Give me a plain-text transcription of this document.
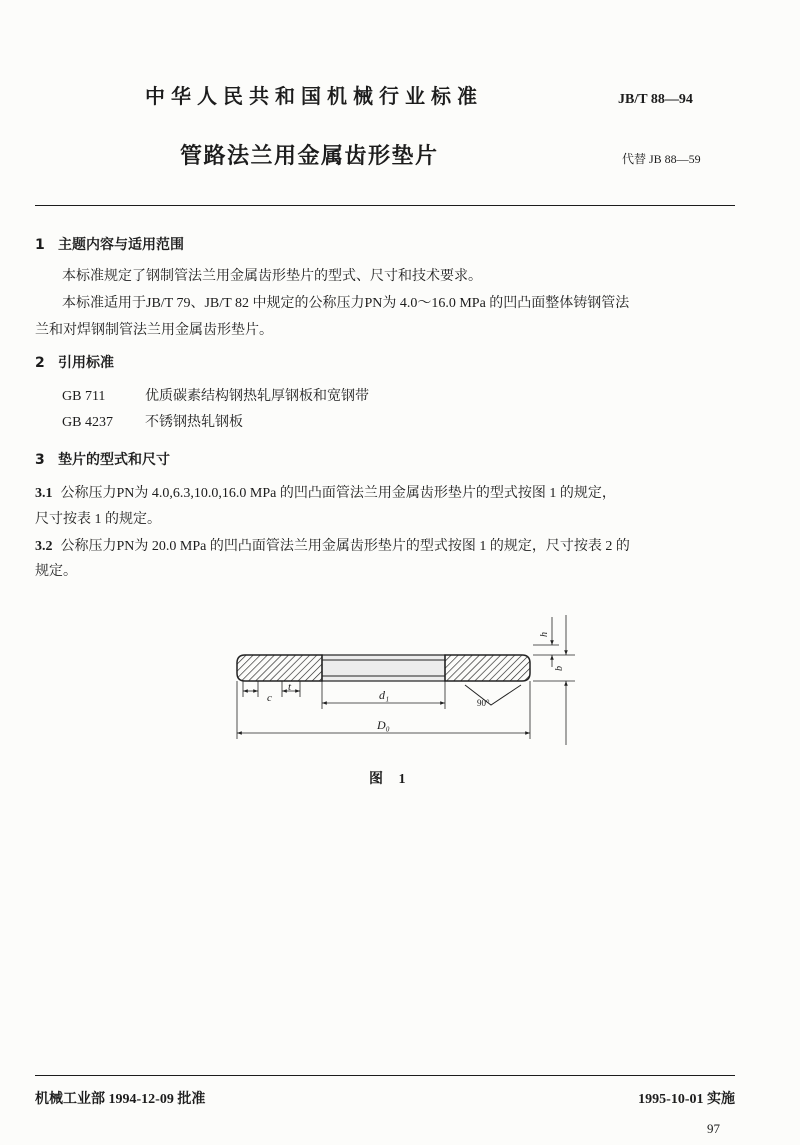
中华人民共和国机械行业标准	JB/T 88—94
管路法兰用金属齿形垫片	代替 JB 88—59
1 主题内容与适用范围
本标准规定了钢制管法兰用金属齿形垫片的型式、尺寸和技术要求。
本标准适用于JB/T 79、JB/T 82 中规定的公称压力PN为 4.0～16.0 MPa 的凹凸面整体铸钢管法
兰和对焊钢制管法兰用金属齿形垫片。
2 引用标准
GB 711	优质碳素结构钢热轧厚钢板和宽钢带
GB 4237 不锈钢热轧钢板
3 垫片的型式和尺寸
3.1 公称压力PN为 4.0,6.3,10.0,16.0 MPa 的凹凸面管法兰用金属齿形垫片的型式按图 1 的规定，
尺寸按表 1 的规定。
3.2 公称压力PN为 20.0 MPa 的凹凸面管法兰用金属齿形垫片的型式按图 1 的规定，尺寸按表 2 的
规定。
c
t
d₁
D₀
90°
h
b
图 1
机械工业部 1994-12-09 批准	1995-10-01 实施
97
